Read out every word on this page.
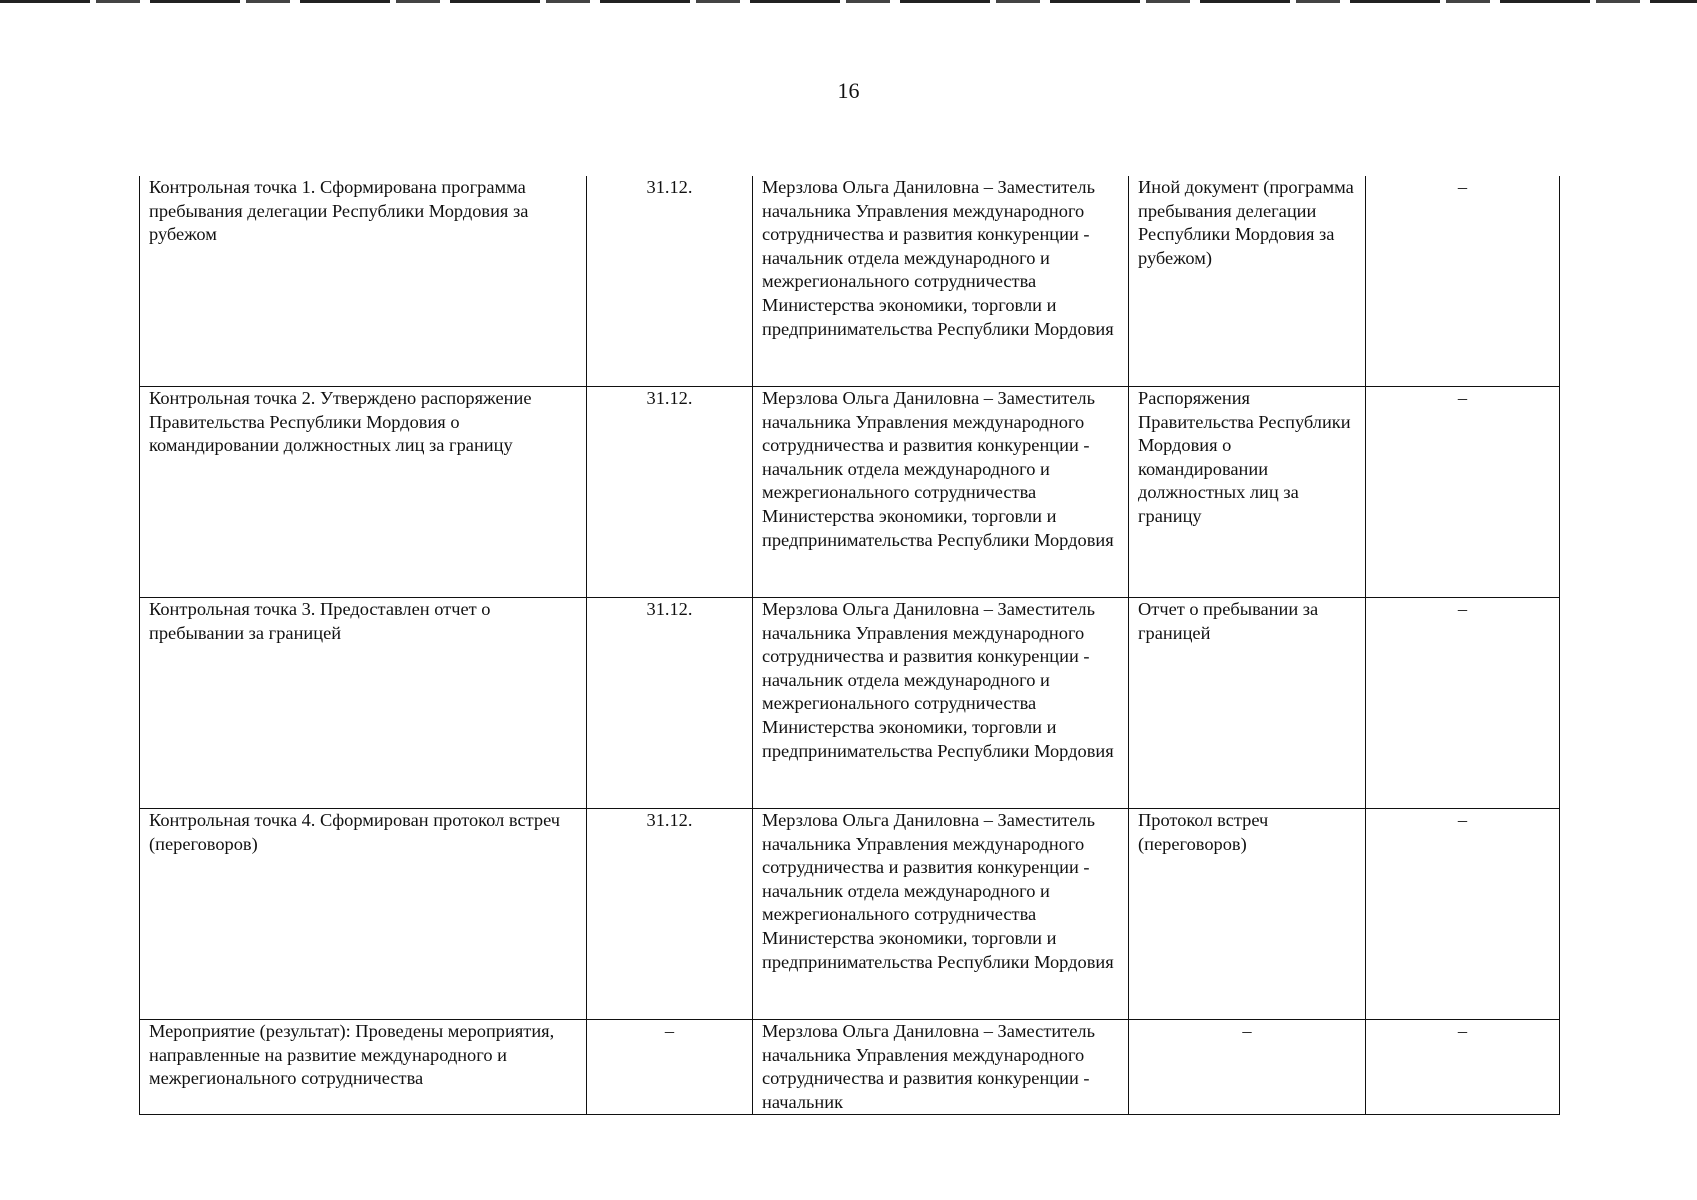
16
Контрольная точка 1. Сформирована программа пребывания делегации Республики Мордовия за рубежом	31.12.	Мерзлова Ольга Даниловна – Заместитель начальника Управления международного сотрудничества и развития конкуренции - начальник отдела международного и межрегионального сотрудничества Министерства экономики, торговли и предпринимательства Республики Мордовия	Иной документ (программа пребывания делегации Республики Мордовия за рубежом)	–
Контрольная точка 2. Утверждено распоряжение Правительства Республики Мордовия о командировании должностных лиц за границу	31.12.	Мерзлова Ольга Даниловна – Заместитель начальника Управления международного сотрудничества и развития конкуренции - начальник отдела международного и межрегионального сотрудничества Министерства экономики, торговли и предпринимательства Республики Мордовия	Распоряжения Правительства Республики Мордовия о командировании должностных лиц за границу	–
Контрольная точка 3. Предоставлен отчет о пребывании за границей	31.12.	Мерзлова Ольга Даниловна – Заместитель начальника Управления международного сотрудничества и развития конкуренции - начальник отдела международного и межрегионального сотрудничества Министерства экономики, торговли и предпринимательства Республики Мордовия	Отчет о пребывании за границей	–
Контрольная точка 4. Сформирован протокол встреч (переговоров)	31.12.	Мерзлова Ольга Даниловна – Заместитель начальника Управления международного сотрудничества и развития конкуренции - начальник отдела международного и межрегионального сотрудничества Министерства экономики, торговли и предпринимательства Республики Мордовия	Протокол встреч (переговоров)	–
Мероприятие (результат): Проведены мероприятия, направленные на развитие международного и межрегионального сотрудничества	–	Мерзлова Ольга Даниловна – Заместитель начальника Управления международного сотрудничества и развития конкуренции - начальник	–	–
